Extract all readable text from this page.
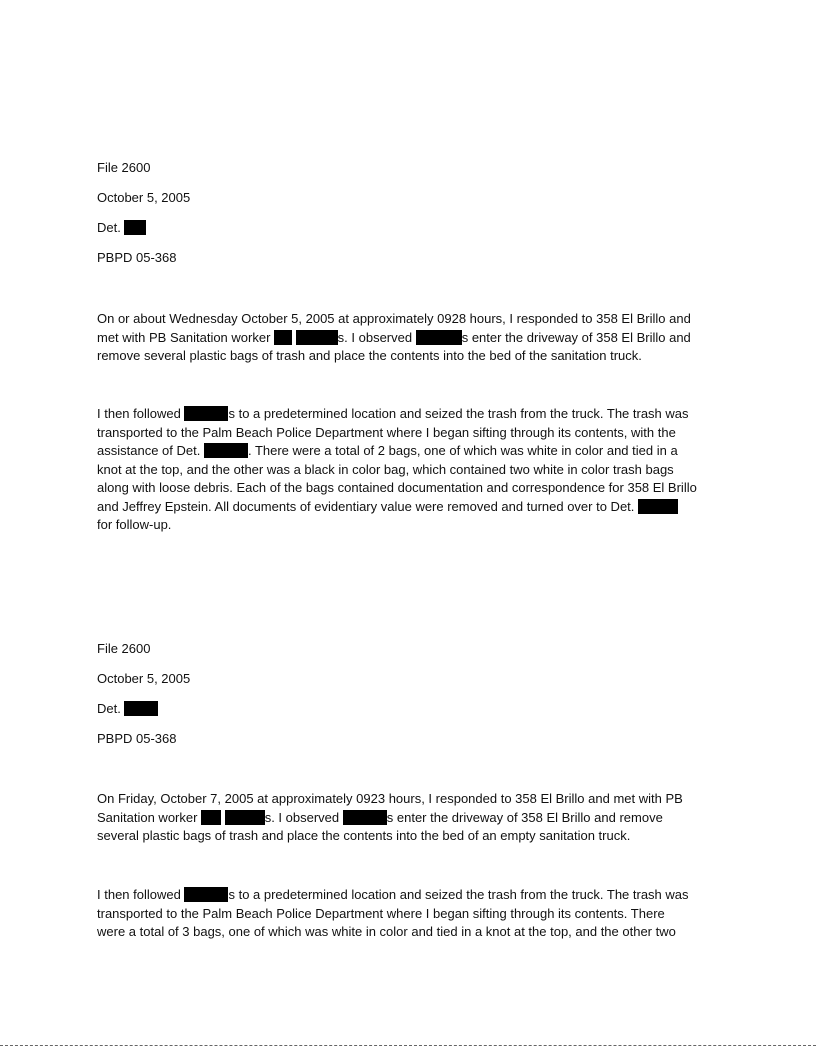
File 2600
October 5, 2005
Det.
PBPD 05-368
On or about Wednesday October 5, 2005 at approximately 0928 hours, I responded to 358 El Brillo and
met with PB Sanitation worker	s. I observed	s enter the driveway of 358 El Brillo and
remove several plastic bags of trash and place the contents into the bed of the sanitation truck.
I then followed	s to a predetermined location and seized the trash from the truck. The trash was
transported to the Palm Beach Police Department where I began sifting through its contents, with the
assistance of Det.	. There were a total of 2 bags, one of which was white in color and tied in a
knot at the top, and the other was a black in color bag, which contained two white in color trash bags
along with loose debris. Each of the bags contained documentation and correspondence for 358 El Brillo
and Jeffrey Epstein. All documents of evidentiary value were removed and turned over to Det.
for follow-up.
File 2600
October 5, 2005
Det.
PBPD 05-368
On Friday, October 7, 2005 at approximately 0923 hours, I responded to 358 El Brillo and met with PB
Sanitation worker	s. I observed	s enter the driveway of 358 El Brillo and remove
several plastic bags of trash and place the contents into the bed of an empty sanitation truck.
I then followed	s to a predetermined location and seized the trash from the truck. The trash was
transported to the Palm Beach Police Department where I began sifting through its contents. There
were a total of 3 bags, one of which was white in color and tied in a knot at the top, and the other two
